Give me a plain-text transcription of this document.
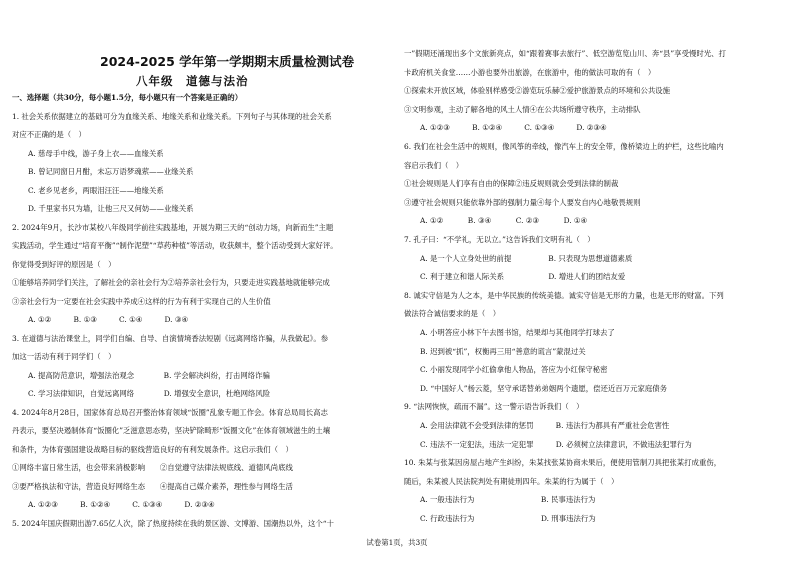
2024-2025 学年第一学期期末质量检测试卷
八年级　道德与法治
一、选择题（共30分，每小题1.5分，每小题只有一个答案是正确的）
1. 社会关系依据建立的基础可分为血缘关系、地缘关系和业缘关系。下列句子与其体现的社会关系
对应不正确的是（　）
A. 慈母手中线，游子身上衣——血缘关系
B. 曾记同窗日月酣，未忘万语梦魂萦——业缘关系
C. 老乡见老乡，两眼泪汪汪——地缘关系
D. 千里家书只为墙，让他三尺又何妨——业缘关系
2. 2024年9月，长沙市某校八年级同学前往实践基地，开展为期三天的“创动力场，向新而生”主题
实践活动，学生通过“培育平衡”“制作泥塑”“草药种植”等活动，收获颇丰，整个活动受到大家好评。
你觉得受到好评的原因是（　）
①能够培养同学们关注，了解社会的亲社会行为②培养亲社会行为，只要走进实践基地就能够完成
③亲社会行为一定要在社会实践中养成④这样的行为有利于实现自己的人生价值
A. ①②　　　B. ①③　　　C. ①④　　　D. ③④
3. 在道德与法治课堂上，同学们自编、自导、自演情境香法短剧《远离网络诈骗，从我做起》。参
加这一活动有利于同学们（　）
A. 提高防范意识，增强法治观念　　　　B. 学会解决纠纷，打击网络诈骗
C. 学习法律知识，自觉远离网络　　　　D. 增强安全意识，杜绝网络风险
4. 2024年8月28日，国家体育总局召开整治体育领域“饭圈”乱象专题工作会。体育总局局长高志
丹表示，要坚决遏制体育“饭圈化”乏滋意思态势，坚决铲除畸形“饭圈文化”在体育领域滋生的土壤
和条件，为体育强国建设战略目标的驱线营造良好的有利发展条件。这启示我们（　）
①网络丰富日常生活，也会带来消极影响　　②自觉遵守法律法规底线、道德风尚底线
③要严格执法和守法，营造良好网络生态　　④提高自己媒介素养，理性参与网络生活
A. ①②③　　　B. ①②④　　　C. ①③④　　　D. ②③④
5. 2024年国庆假期出游7.65亿人次，除了热度持续在我的景区游、文博游、国潮热以外，这个“十
一”假期还涌现出多个文旅新亮点，如“跟着赛事去旅行”、低空游览览山川、奔“县”享受慢时光、打
卡政府机关食堂……小游也要外出旅游，在旅游中，他的做法可取的有（　）
①探索未开放区域，体验别样感受②游览玩乐赫②爱护旅游景点的环境和公共设施
③文明参观，主动了解各地的风土人情④在公共场所遵守秩序，主动排队
A. ①②③　　　B. ①②④　　　C. ①③④　　　D. ②③④
6. 我们在社会生活中的规则，像风筝的牵线，像汽车上的安全带，像桥梁边上的护栏，这些比喻内
容启示我们（　）
①社会规则是人们享有自由的保障②违反规则就会受到法律的制裁
③遵守社会规则只能依靠外部的强制力量④每个人要发自内心地敬畏规则
A. ①② 　　　B. ③④ 　　　C. ②③ 　　　D. ①④
7. 孔子曰：“不学礼，无以立。”这告诉我们文明有礼（　）
A. 是一个人立身处世的前提　　　　　B. 只表现为思想道德素质
C. 利于建立和谐人际关系　　　　　　D. 增进人们的团结友爱
8. 诚实守信是为人之本，是中华民族的传统美德。诚实守信是无形的力量，也是无形的财富。下列
做法符合诚信要求的是（　）
A. 小明答应小林下午去图书馆，结果却与其他同学打球去了
B. 迟到被“抓”，权衡再三用“善意的谎言”蒙混过关
C. 小丽发现同学小红偷拿他人物品，答应为小红保守秘密
D. “中国好人”杨云菱，坚守承诺替弟弟姻两个遗愿，偿还近百万元家庭债务
9. “法网恢恢，疏而不漏”。这一警示语告诉我们（　）
A. 会用法律就不会受到法律的惩罚　　　B. 违法行为都具有严重社会危害性
C. 违法不一定犯法，违法一定犯罪　　　D. 必须树立法律意识，不做违法犯罪行为
10. 朱某与张某因房屋占地产生纠纷，朱某找张某协商未果后，便使用管制刀具把张某打成重伤，
随后，朱某被人民法院判处有期徒刑四年。朱某的行为属于（　）
A. 一般违法行为　　　　　　　　　B. 民事违法行为
C. 行政违法行为　　　　　　　　　D. 刑事违法行为
试卷第1页，共3页
